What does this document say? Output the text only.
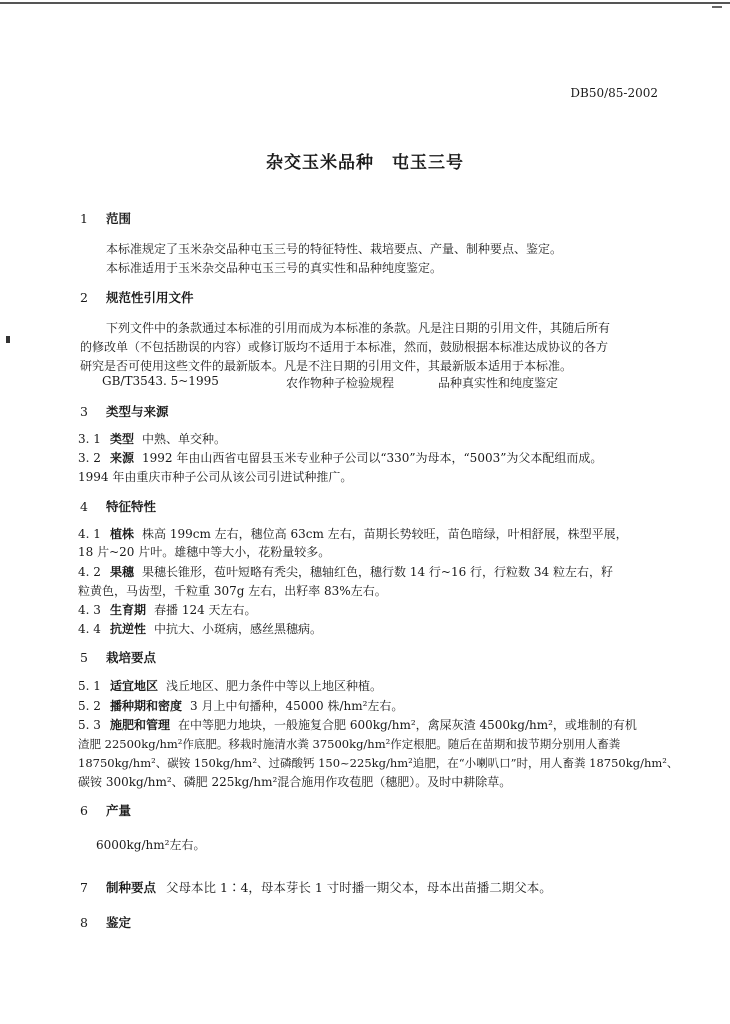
DB50/85-2002
杂交玉米品种　屯玉三号
1 范围
本标准规定了玉米杂交品种屯玉三号的特征特性、栽培要点、产量、制种要点、鉴定。
本标准适用于玉米杂交品种屯玉三号的真实性和品种纯度鉴定。
2 规范性引用文件
下列文件中的条款通过本标准的引用而成为本标准的条款。凡是注日期的引用文件，其随后所有
的修改单（不包括勘误的内容）或修订版均不适用于本标准，然而，鼓励根据本标准达成协议的各方
研究是否可使用这些文件的最新版本。凡是不注日期的引用文件，其最新版本适用于本标准。
GB/T3543. 5~1995	农作物种子检验规程	品种真实性和纯度鉴定
3 类型与来源
3. 1 类型 中熟、单交种。
3. 2 来源 1992 年由山西省屯留县玉米专业种子公司以“330”为母本，“5003”为父本配组而成。
1994 年由重庆市种子公司从该公司引进试种推广。
4 特征特性
4. 1 植株 株高 199cm 左右，穗位高 63cm 左右，苗期长势较旺，苗色暗绿，叶相舒展，株型平展，
18 片~20 片叶。雄穗中等大小，花粉量较多。
4. 2 果穗 果穗长锥形，苞叶短略有秃尖，穗轴红色，穗行数 14 行~16 行，行粒数 34 粒左右，籽
粒黄色，马齿型，千粒重 307g 左右，出籽率 83%左右。
4. 3 生育期 春播 124 天左右。
4. 4 抗逆性 中抗大、小斑病，感丝黑穗病。
5 栽培要点
5. 1 适宜地区 浅丘地区、肥力条件中等以上地区种植。
5. 2 播种期和密度 3 月上中旬播种，45000 株/hm²左右。
5. 3 施肥和管理 在中等肥力地块，一般施复合肥 600kg/hm²，禽屎灰渣 4500kg/hm²，或堆制的有机
渣肥 22500kg/hm²作底肥。移栽时施清水粪 37500kg/hm²作定根肥。随后在苗期和拔节期分别用人畜粪
18750kg/hm²、碳铵 150kg/hm²、过磷酸钙 150~225kg/hm²追肥，在“小喇叭口”时，用人畜粪 18750kg/hm²、
碳铵 300kg/hm²、磷肥 225kg/hm²混合施用作攻苞肥（穗肥）。及时中耕除草。
6 产量
6000kg/hm²左右。
7 制种要点 父母本比 1∶4，母本芽长 1 寸时播一期父本，母本出苗播二期父本。
8 鉴定
